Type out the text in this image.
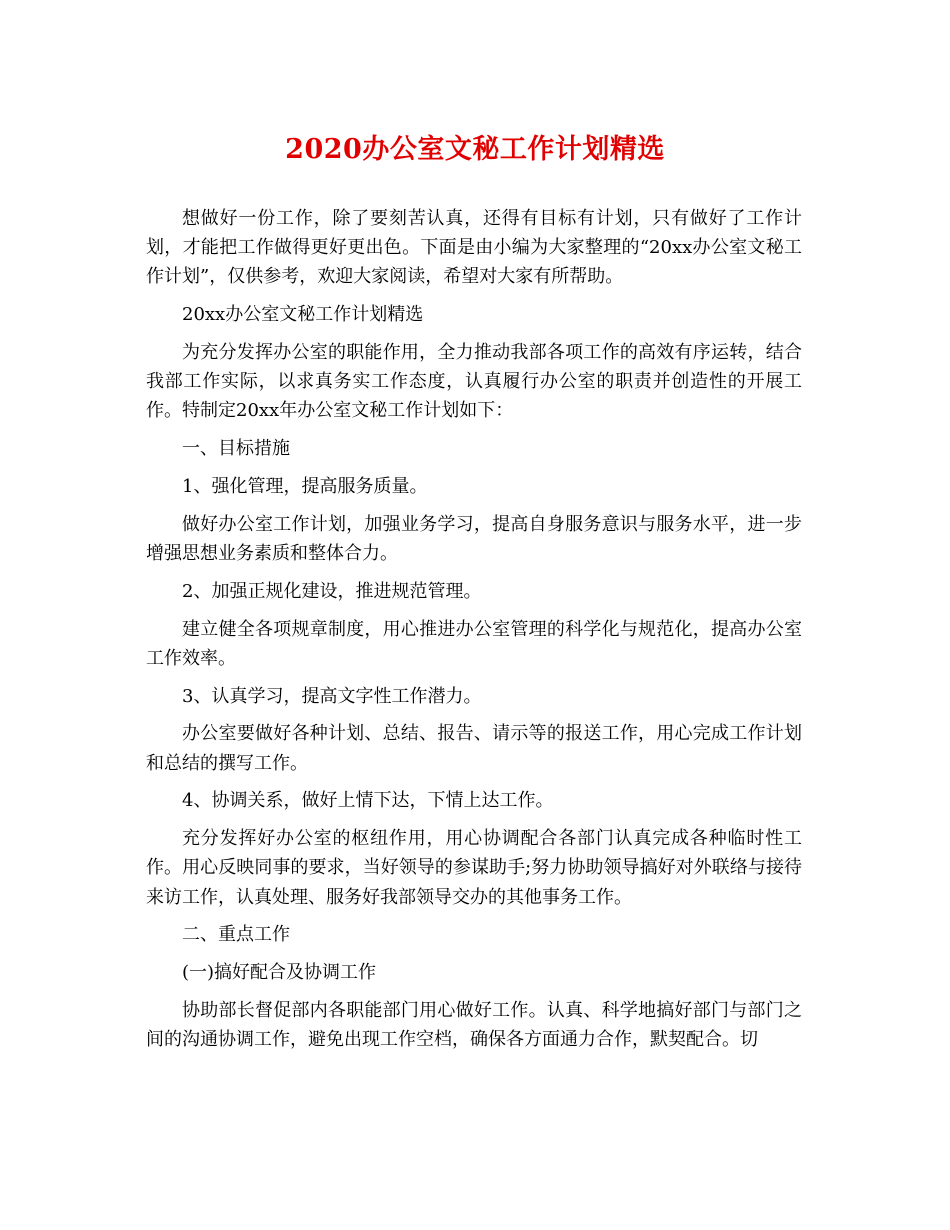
2020办公室文秘工作计划精选

想做好一份工作，除了要刻苦认真，还得有目标有计划，只有做好了工作计划，才能把工作做得更好更出色。下面是由小编为大家整理的“20xx办公室文秘工作计划”，仅供参考，欢迎大家阅读，希望对大家有所帮助。

20xx办公室文秘工作计划精选

为充分发挥办公室的职能作用，全力推动我部各项工作的高效有序运转，结合我部工作实际，以求真务实工作态度，认真履行办公室的职责并创造性的开展工作。特制定20xx年办公室文秘工作计划如下：

一、目标措施

1、强化管理，提高服务质量。

做好办公室工作计划，加强业务学习，提高自身服务意识与服务水平，进一步增强思想业务素质和整体合力。

2、加强正规化建设，推进规范管理。

建立健全各项规章制度，用心推进办公室管理的科学化与规范化，提高办公室工作效率。

3、认真学习，提高文字性工作潜力。

办公室要做好各种计划、总结、报告、请示等的报送工作，用心完成工作计划和总结的撰写工作。

4、协调关系，做好上情下达，下情上达工作。

充分发挥好办公室的枢纽作用，用心协调配合各部门认真完成各种临时性工作。用心反映同事的要求，当好领导的参谋助手;努力协助领导搞好对外联络与接待来访工作，认真处理、服务好我部领导交办的其他事务工作。

二、重点工作

(一)搞好配合及协调工作

协助部长督促部内各职能部门用心做好工作。认真、科学地搞好部门与部门之间的沟通协调工作，避免出现工作空档，确保各方面通力合作，默契配合。切
